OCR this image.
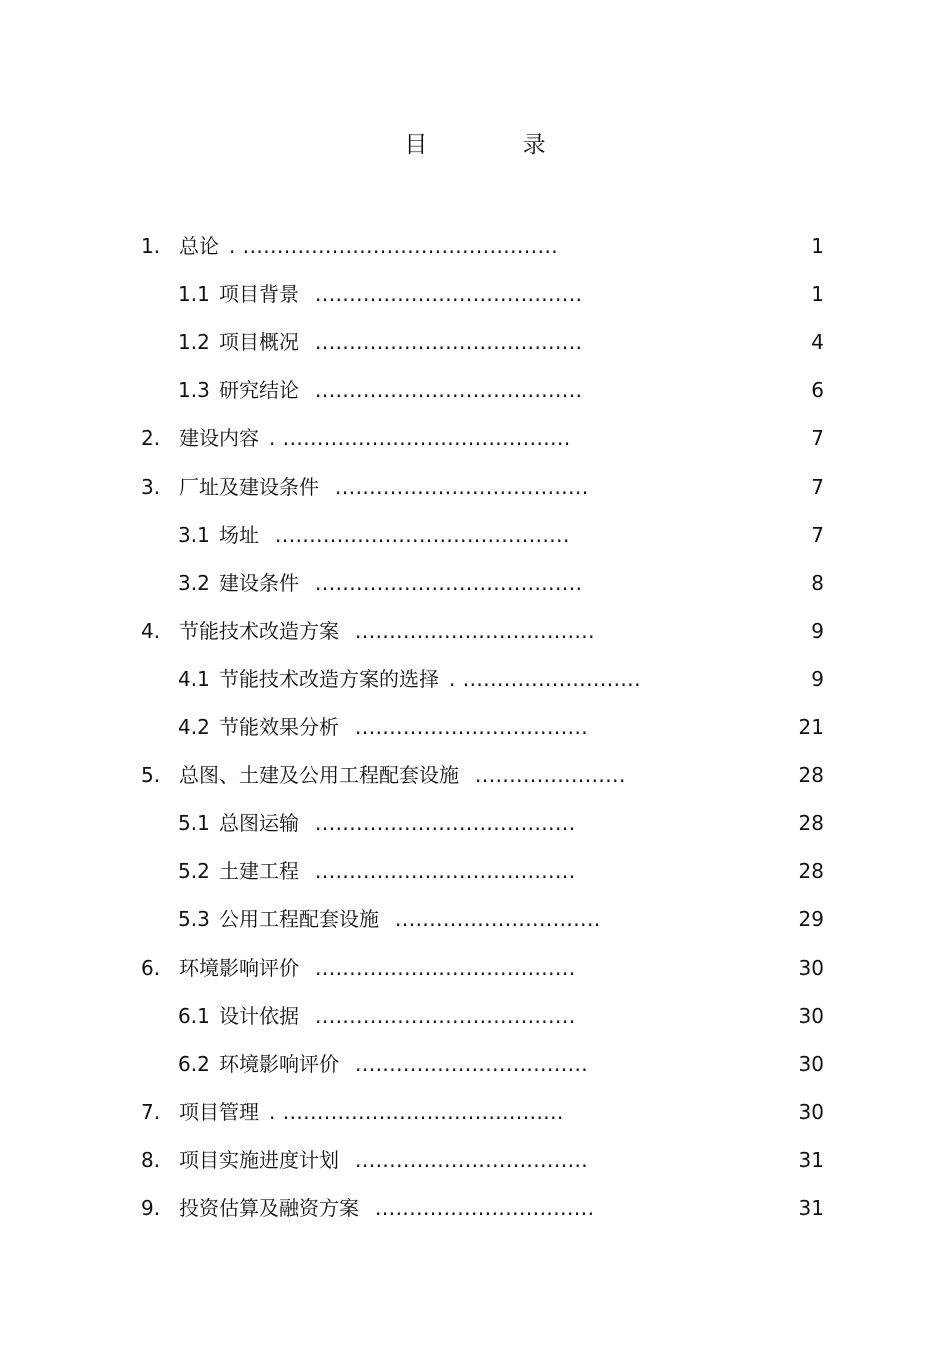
目 录
1. 总论 . ..............................................	1
1.1 项目背景 .......................................	1
1.2 项目概况 .......................................	4
1.3 研究结论 .......................................	6
2. 建设内容 . ..........................................	7
3. 厂址及建设条件 .....................................	7
3.1 场址 ...........................................	7
3.2 建设条件 .......................................	8
4. 节能技术改造方案 ...................................	9
4.1 节能技术改造方案的选择 . ..........................	9
4.2 节能效果分析 ..................................	21
5. 总图、土建及公用工程配套设施 ......................	28
5.1 总图运输 ......................................	28
5.2 土建工程 ......................................	28
5.3 公用工程配套设施 ..............................	29
6. 环境影响评价 ......................................	30
6.1 设计依据 ......................................	30
6.2 环境影响评价 ..................................	30
7. 项目管理 . .........................................	30
8. 项目实施进度计划 ..................................	31
9. 投资估算及融资方案 ................................	31
